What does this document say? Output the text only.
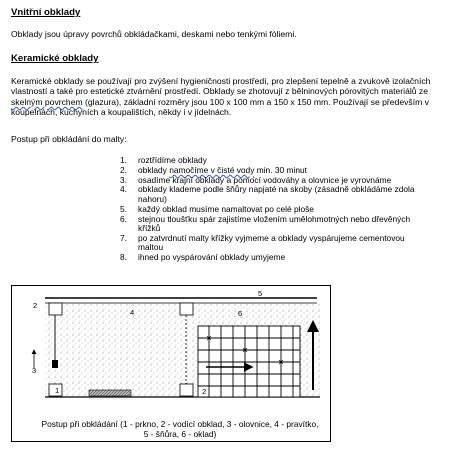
Vnitřní obklady
Obklady jsou úpravy povrchů obkládačkami, deskami nebo tenkými fóliemi.
Keramické obklady
Keramické obklady se používají pro zvýšení hygieničnosti prostředí, pro zlepšení tepelně a zvukově izolačních vlastností a také pro estetické ztvárnění prostředí. Obklady se zhotovují z bělninových pórovitých materiálů ze skelným povrchem (glazura), základní rozměry jsou 100 x 100 mm a 150 x 150 mm. Používají se především v koupelnách, kuchyních a koupalištích, někdy i v jídelnách.
Postup při obkládání do malty:
1. roztřídíme obklady
2. obklady namočíme v čisté vody min. 30 minut
3. osadíme krajní obklady a pomocí vodováhy a olovnice je vyrovnáme
4. obklady klademe podle šňůry napjaté na skoby (zásadně obkládáme zdola nahoru)
5. každý obklad musíme namaltovat po celé ploše
6. stejnou tloušťku spár zajistíme vložením umělohmotných nebo dřevěných křížků
7. po zatvrdnutí malty křížky vyjmeme a obklady vyspárujeme cementovou maltou
8. ihned po vyspárování obklady umyjeme
2
1
3
4
5
6
2
Postup při obkládání (1 - prkno, 2 - vodící obklad, 3 - olovnice, 4 - pravítko, 5 - šňůra, 6 - oklad)
